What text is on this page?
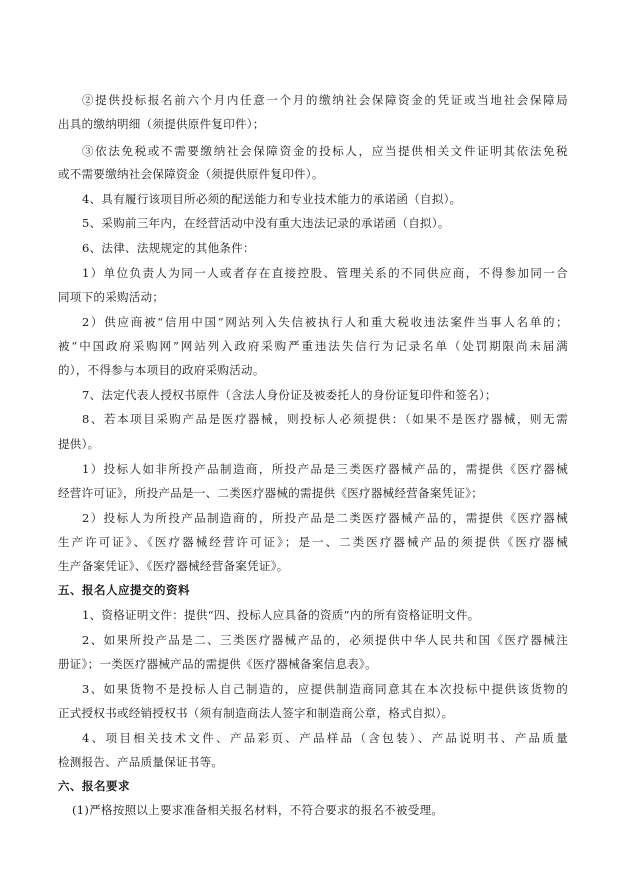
②提供投标报名前六个月内任意一个月的缴纳社会保障资金的凭证或当地社会保障局
出具的缴纳明细（须提供原件复印件）；
③依法免税或不需要缴纳社会保障资金的投标人，应当提供相关文件证明其依法免税
或不需要缴纳社会保障资金（须提供原件复印件）。
4、具有履行该项目所必须的配送能力和专业技术能力的承诺函（自拟）。
5、采购前三年内，在经营活动中没有重大违法记录的承诺函（自拟）。
6、法律、法规规定的其他条件：
1）单位负责人为同一人或者存在直接控股、管理关系的不同供应商，不得参加同一合
同项下的采购活动；
2）供应商被“信用中国”网站列入失信被执行人和重大税收违法案件当事人名单的；
被“中国政府采购网”网站列入政府采购严重违法失信行为记录名单（处罚期限尚未届满
的），不得参与本项目的政府采购活动。
7、法定代表人授权书原件（含法人身份证及被委托人的身份证复印件和签名）；
8、若本项目采购产品是医疗器械，则投标人必须提供：（如果不是医疗器械，则无需
提供）。
1）投标人如非所投产品制造商，所投产品是三类医疗器械产品的，需提供《医疗器械
经营许可证》，所投产品是一、二类医疗器械的需提供《医疗器械经营备案凭证》；
2）投标人为所投产品制造商的，所投产品是二类医疗器械产品的，需提供《医疗器械
生产许可证》、《医疗器械经营许可证》；是一、二类医疗器械产品的须提供《医疗器械
生产备案凭证》、《医疗器械经营备案凭证》。
五、报名人应提交的资料
1、资格证明文件：提供“四、投标人应具备的资质”内的所有资格证明文件。
2、如果所投产品是二、三类医疗器械产品的，必须提供中华人民共和国《医疗器械注
册证》；一类医疗器械产品的需提供《医疗器械备案信息表》。
3、如果货物不是投标人自己制造的，应提供制造商同意其在本次投标中提供该货物的
正式授权书或经销授权书（须有制造商法人签字和制造商公章，格式自拟）。
4、项目相关技术文件、产品彩页、产品样品（含包装）、产品说明书、产品质量
检测报告、产品质量保证书等。
六、报名要求
(1)严格按照以上要求准备相关报名材料，不符合要求的报名不被受理。
